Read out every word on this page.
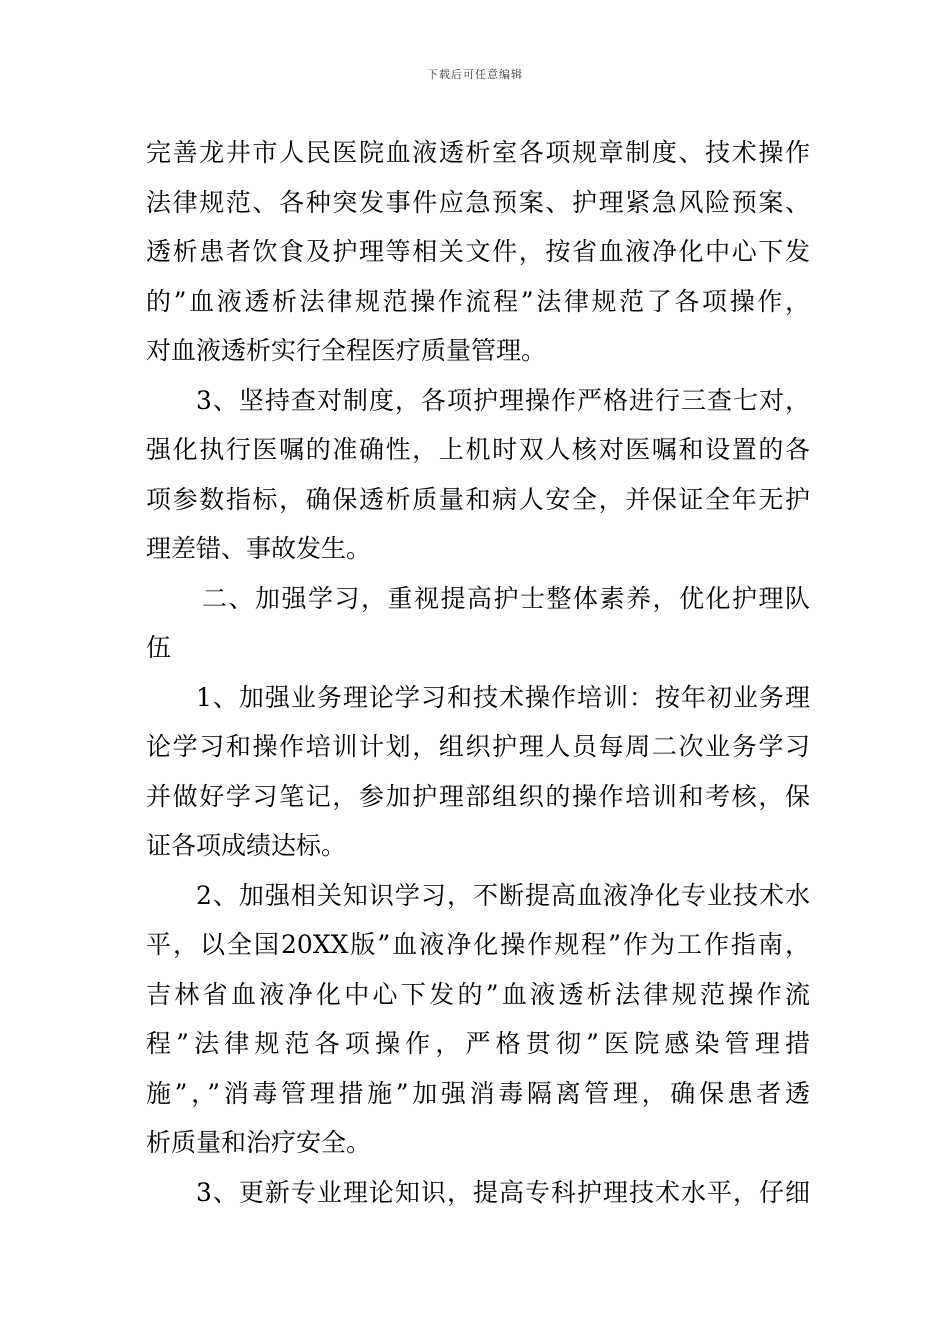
下载后可任意编辑
完善龙井市人民医院血液透析室各项规章制度、技术操作
法律规范、各种突发事件应急预案、护理紧急风险预案、
透析患者饮食及护理等相关文件，按省血液净化中心下发
的”血液透析法律规范操作流程”法律规范了各项操作，
对血液透析实行全程医疗质量管理。
3、坚持查对制度，各项护理操作严格进行三查七对，
强化执行医嘱的准确性，上机时双人核对医嘱和设置的各
项参数指标，确保透析质量和病人安全，并保证全年无护
理差错、事故发生。
二、加强学习，重视提高护士整体素养，优化护理队
伍
1、加强业务理论学习和技术操作培训：按年初业务理
论学习和操作培训计划，组织护理人员每周二次业务学习
并做好学习笔记，参加护理部组织的操作培训和考核，保
证各项成绩达标。
2、加强相关知识学习，不断提高血液净化专业技术水
平，以全国20XX版”血液净化操作规程”作为工作指南，
吉林省血液净化中心下发的”血液透析法律规范操作流
程”法律规范各项操作，严格贯彻”医院感染管理措
施”，”消毒管理措施”加强消毒隔离管理，确保患者透
析质量和治疗安全。
3、更新专业理论知识，提高专科护理技术水平，仔细
